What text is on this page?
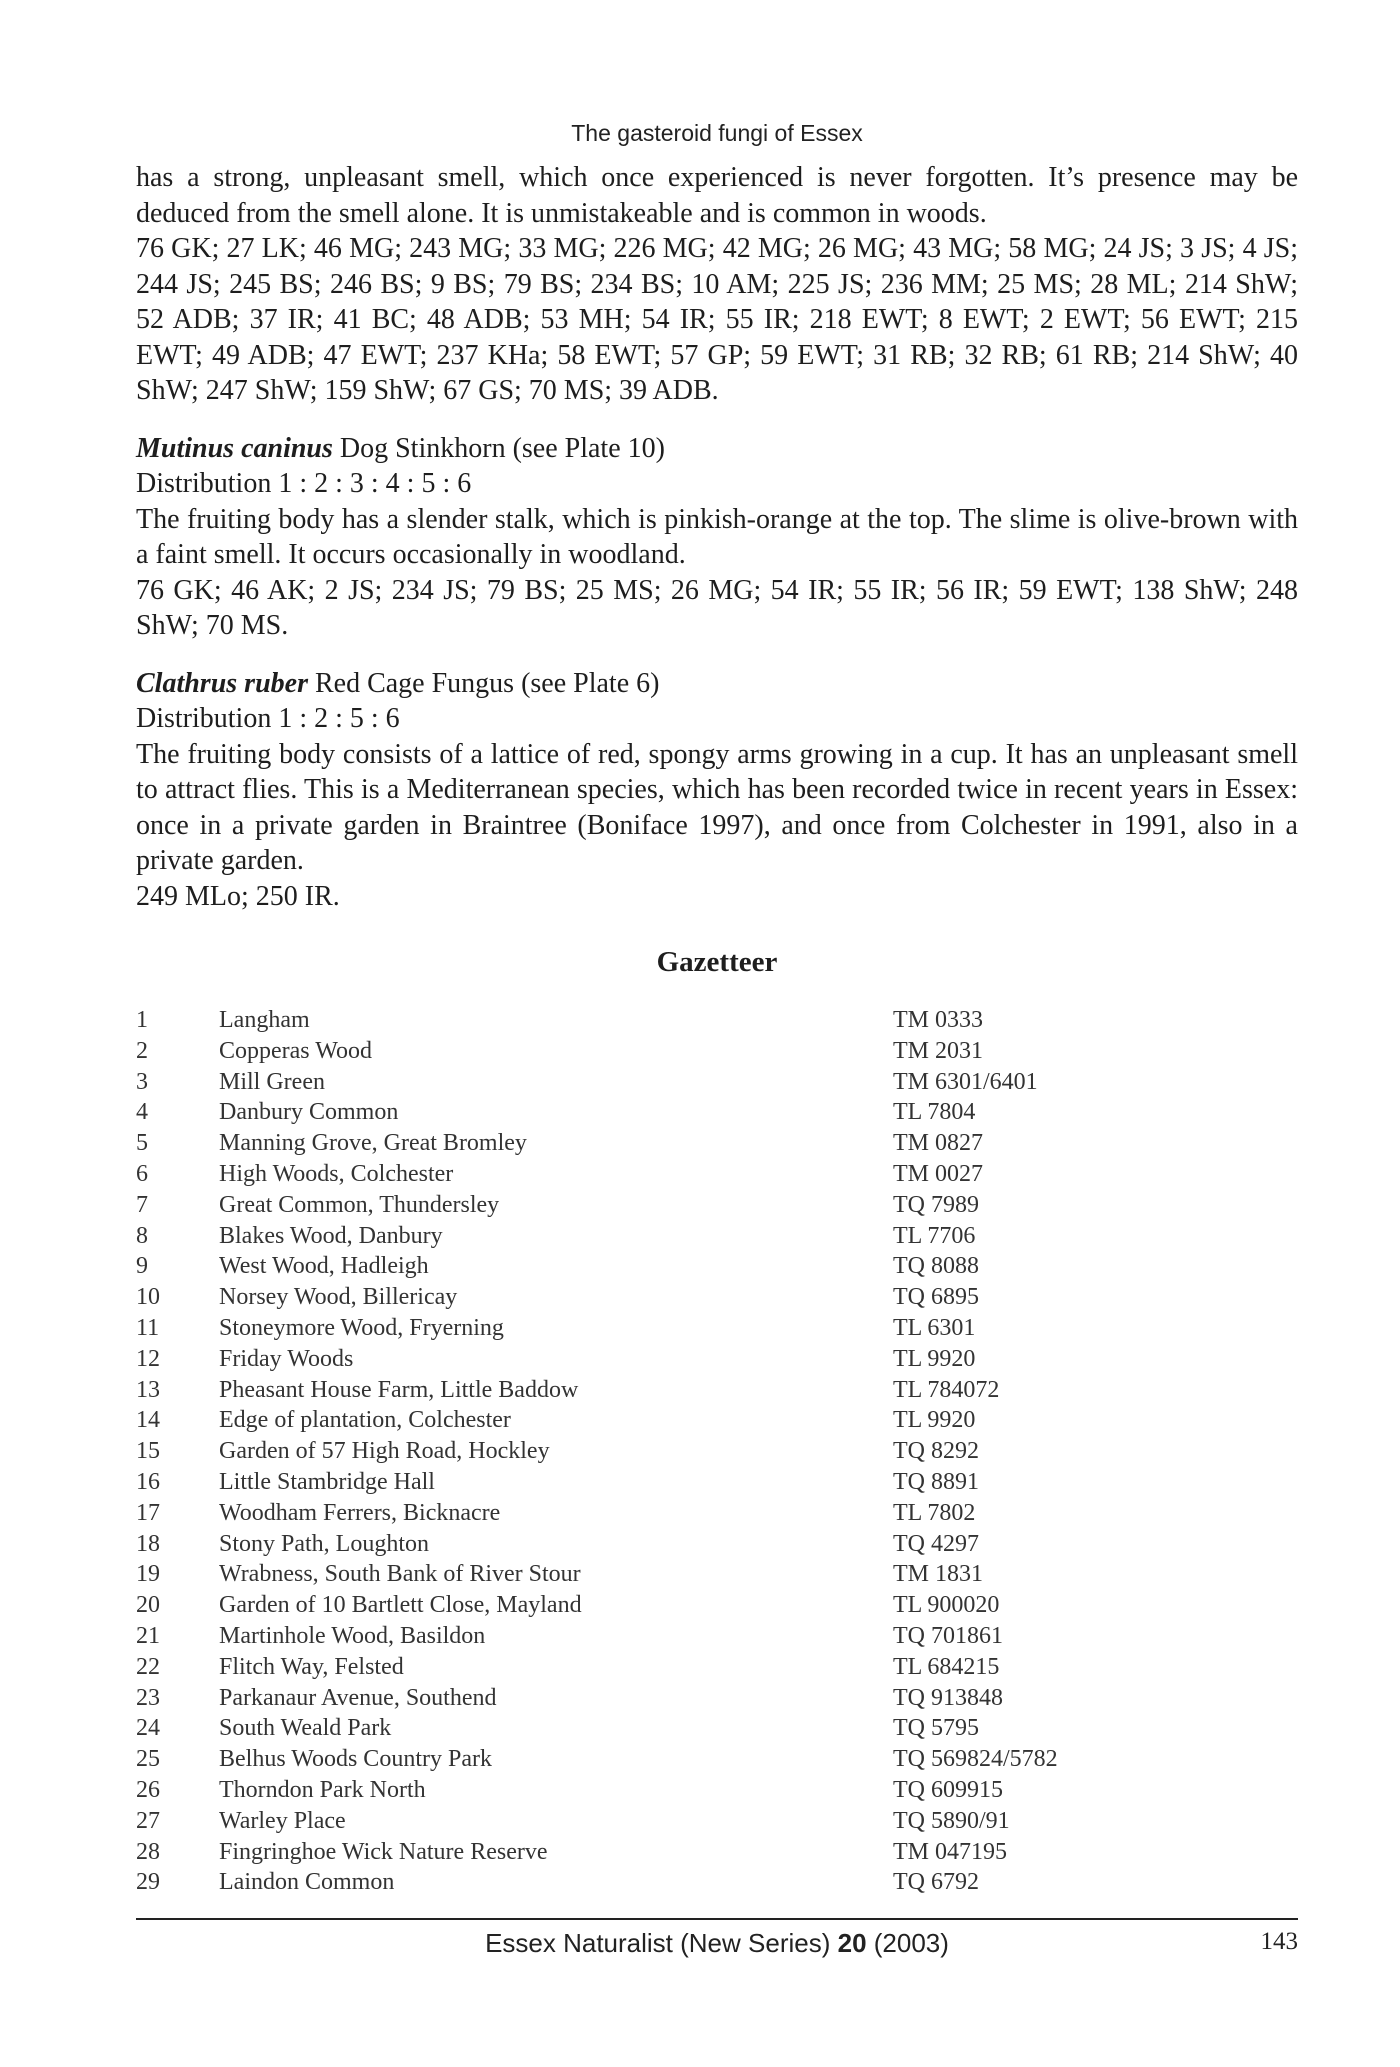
The gasteroid fungi of Essex

has a strong, unpleasant smell, which once experienced is never forgotten. It’s presence may be deduced from the smell alone. It is unmistakeable and is common in woods.

76 GK; 27 LK; 46 MG; 243 MG; 33 MG; 226 MG; 42 MG; 26 MG; 43 MG; 58 MG; 24 JS; 3 JS; 4 JS; 244 JS; 245 BS; 246 BS; 9 BS; 79 BS; 234 BS; 10 AM; 225 JS; 236 MM; 25 MS; 28 ML; 214 ShW; 52 ADB; 37 IR; 41 BC; 48 ADB; 53 MH; 54 IR; 55 IR; 218 EWT; 8 EWT; 2 EWT; 56 EWT; 215 EWT; 49 ADB; 47 EWT; 237 KHa; 58 EWT; 57 GP; 59 EWT; 31 RB; 32 RB; 61 RB; 214 ShW; 40 ShW; 247 ShW; 159 ShW; 67 GS; 70 MS; 39 ADB.

Mutinus caninus Dog Stinkhorn (see Plate 10)

Distribution 1 : 2 : 3 : 4 : 5 : 6

The fruiting body has a slender stalk, which is pinkish-orange at the top. The slime is olive-brown with a faint smell. It occurs occasionally in woodland.

76 GK; 46 AK; 2 JS; 234 JS; 79 BS; 25 MS; 26 MG; 54 IR; 55 IR; 56 IR; 59 EWT; 138 ShW; 248 ShW; 70 MS.

Clathrus ruber Red Cage Fungus (see Plate 6)

Distribution 1 : 2 : 5 : 6

The fruiting body consists of a lattice of red, spongy arms growing in a cup. It has an unpleasant smell to attract flies. This is a Mediterranean species, which has been recorded twice in recent years in Essex: once in a private garden in Braintree (Boniface 1997), and once from Colchester in 1991, also in a private garden.

249 MLo; 250 IR.

Gazetteer
1	Langham	TM 0333
2	Copperas Wood	TM 2031
3	Mill Green	TM 6301/6401
4	Danbury Common	TL 7804
5	Manning Grove, Great Bromley	TM 0827
6	High Woods, Colchester	TM 0027
7	Great Common, Thundersley	TQ 7989
8	Blakes Wood, Danbury	TL 7706
9	West Wood, Hadleigh	TQ 8088
10 Norsey Wood, Billericay	TQ 6895
11 Stoneymore Wood, Fryerning	TL 6301
12 Friday Woods	TL 9920
13 Pheasant House Farm, Little Baddow	TL 784072
14 Edge of plantation, Colchester	TL 9920
15 Garden of 57 High Road, Hockley	TQ 8292
16 Little Stambridge Hall	TQ 8891
17 Woodham Ferrers, Bicknacre	TL 7802
18 Stony Path, Loughton	TQ 4297
19 Wrabness, South Bank of River Stour	TM 1831
20 Garden of 10 Bartlett Close, Mayland	TL 900020
21 Martinhole Wood, Basildon	TQ 701861
22 Flitch Way, Felsted	TL 684215
23 Parkanaur Avenue, Southend	TQ 913848
24 South Weald Park	TQ 5795
25 Belhus Woods Country Park	TQ 569824/5782
26 Thorndon Park North	TQ 609915
27 Warley Place	TQ 5890/91
28 Fingringhoe Wick Nature Reserve	TM 047195
29 Laindon Common	TQ 6792
Essex Naturalist (New Series) 20 (2003)	143
